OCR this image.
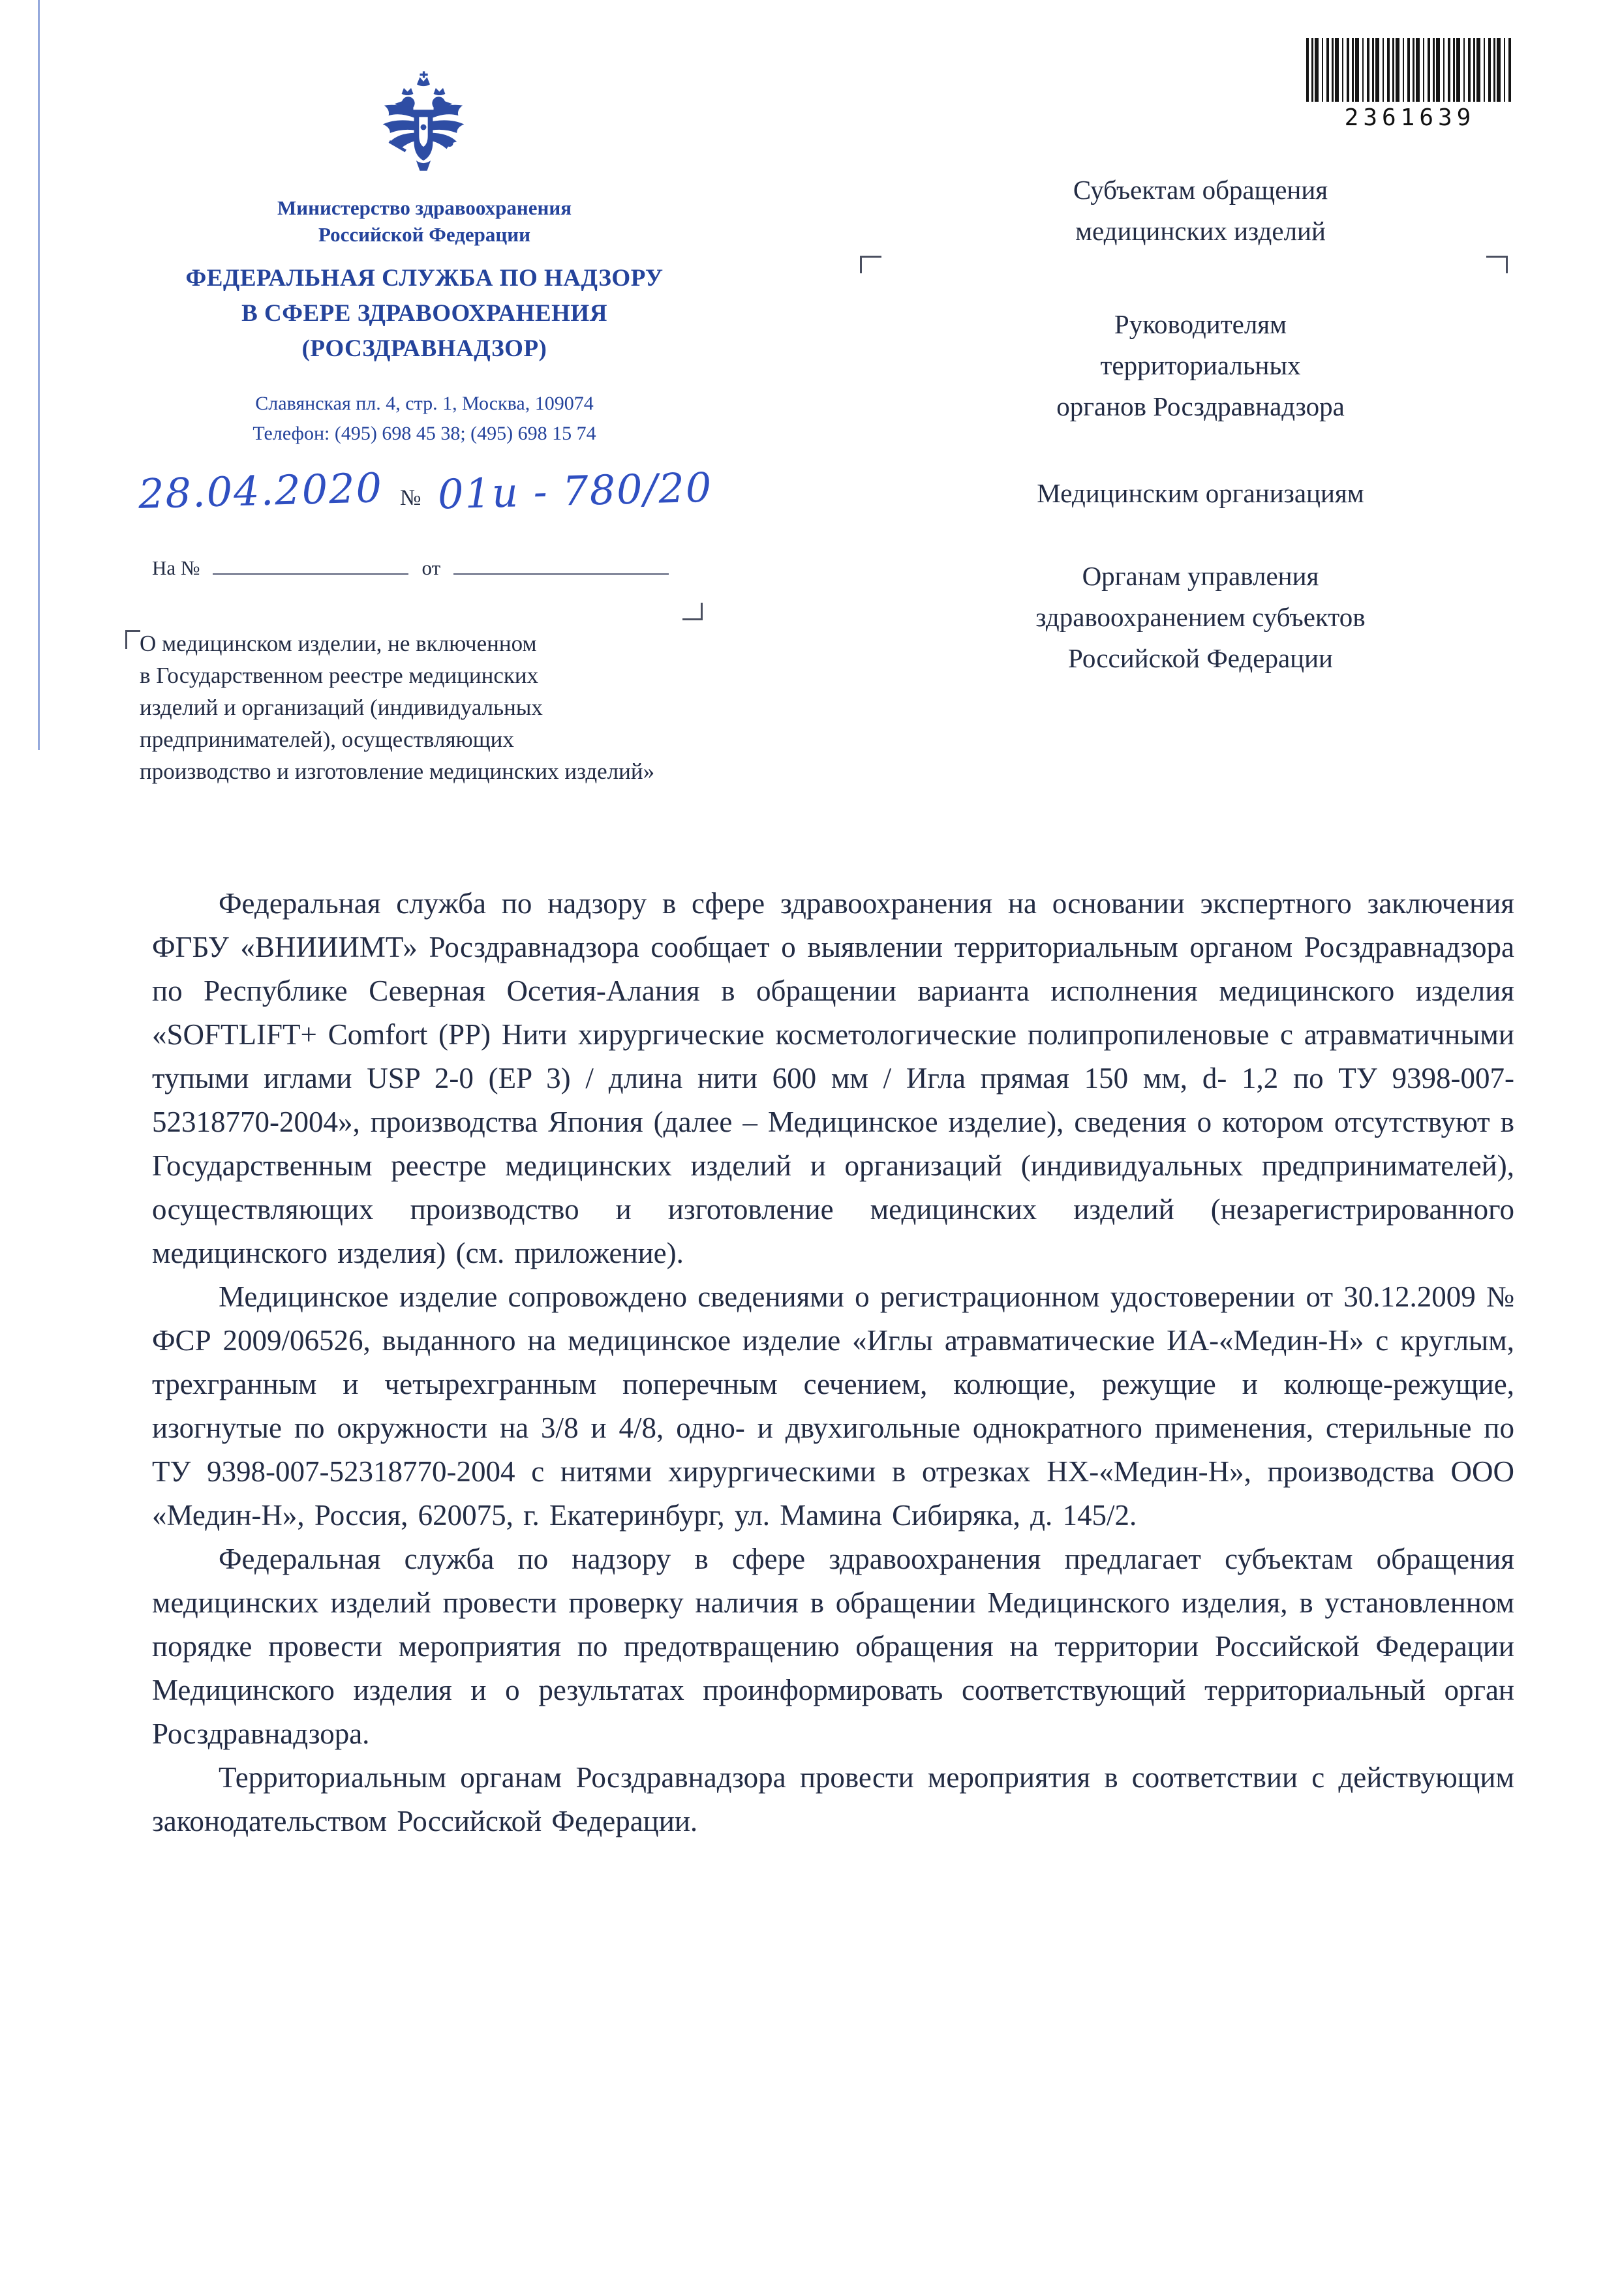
2361639
Министерство здравоохранения
Российской Федерации
ФЕДЕРАЛЬНАЯ СЛУЖБА ПО НАДЗОРУ
В СФЕРЕ ЗДРАВООХРАНЕНИЯ
(РОСЗДРАВНАДЗОР)
Славянская пл. 4, стр. 1, Москва, 109074
Телефон: (495) 698 45 38; (495) 698 15 74
28.04.2020 № 01и - 780/20
На №	от
О медицинском изделии, не включенном
в Государственном реестре медицинских
изделий и организаций (индивидуальных
предпринимателей), осуществляющих
производство и изготовление медицинских изделий»
Субъектам обращения
медицинских изделий
Руководителям
территориальных
органов Росздравнадзора
Медицинским организациям
Органам управления
здравоохранением субъектов
Российской Федерации

Федеральная служба по надзору в сфере здравоохранения на основании экспертного заключения ФГБУ «ВНИИИМТ» Росздравнадзора сообщает о выявлении территориальным органом Росздравнадзора по Республике Северная Осетия-Алания в обращении варианта исполнения медицинского изделия «SOFTLIFT+ Comfort (PP) Нити хирургические косметологические полипропиленовые с атравматичными тупыми иглами USP 2-0 (EP 3) / длина нити 600 мм / Игла прямая 150 мм, d- 1,2 по ТУ 9398-007-52318770-2004», производства Япония (далее – Медицинское изделие), сведения о котором отсутствуют в Государственным реестре медицинских изделий и организаций (индивидуальных предпринимателей), осуществляющих производство и изготовление медицинских изделий (незарегистрированного медицинского изделия) (см. приложение).

Медицинское изделие сопровождено сведениями о регистрационном удостоверении от 30.12.2009 № ФСР 2009/06526, выданного на медицинское изделие «Иглы атравматические ИА-«Медин-Н» с круглым, трехгранным и четырехгранным поперечным сечением, колющие, режущие и колюще-режущие, изогнутые по окружности на 3/8 и 4/8, одно- и двухигольные однократного применения, стерильные по ТУ 9398-007-52318770-2004 с нитями хирургическими в отрезках НХ-«Медин-Н», производства ООО «Медин-Н», Россия, 620075, г. Екатеринбург, ул. Мамина Сибиряка, д. 145/2.

Федеральная служба по надзору в сфере здравоохранения предлагает субъектам обращения медицинских изделий провести проверку наличия в обращении Медицинского изделия, в установленном порядке провести мероприятия по предотвращению обращения на территории Российской Федерации Медицинского изделия и о результатах проинформировать соответствующий территориальный орган Росздравнадзора.

Территориальным органам Росздравнадзора провести мероприятия в соответствии с действующим законодательством Российской Федерации.
